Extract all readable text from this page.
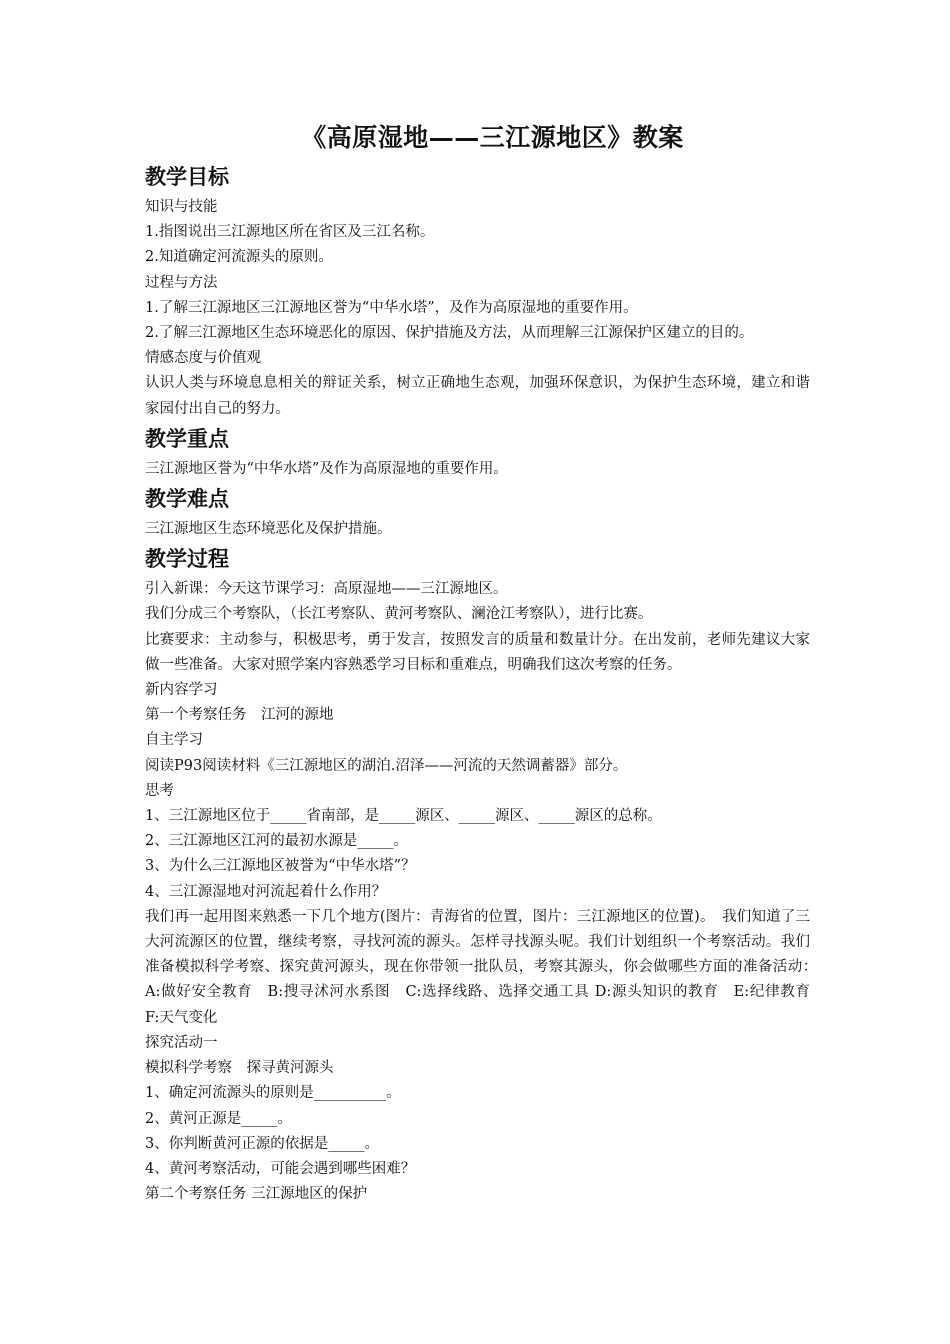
《高原湿地——三江源地区》教案
教学目标

知识与技能

1.指图说出三江源地区所在省区及三江名称。

2.知道确定河流源头的原则。

过程与方法

1.了解三江源地区三江源地区誉为“中华水塔”，及作为高原湿地的重要作用。

2.了解三江源地区生态环境恶化的原因、保护措施及方法，从而理解三江源保护区建立的目的。

情感态度与价值观

认识人类与环境息息相关的辩证关系，树立正确地生态观，加强环保意识，为保护生态环境，建立和谐家园付出自己的努力。

教学重点

三江源地区誉为“中华水塔”及作为高原湿地的重要作用。

教学难点

三江源地区生态环境恶化及保护措施。

教学过程

引入新课：今天这节课学习：高原湿地——三江源地区。

我们分成三个考察队，（长江考察队、黄河考察队、澜沧江考察队），进行比赛。

比赛要求：主动参与，积极思考，勇于发言，按照发言的质量和数量计分。在出发前，老师先建议大家做一些准备。大家对照学案内容熟悉学习目标和重难点，明确我们这次考察的任务。

新内容学习

第一个考察任务　江河的源地

自主学习

阅读P93阅读材料《三江源地区的湖泊.沼泽——河流的天然调蓄器》部分。

思考

1、三江源地区位于_____省南部，是_____源区、_____源区、_____源区的总称。

2、三江源地区江河的最初水源是_____。

3、为什么三江源地区被誉为“中华水塔”？

4、三江源湿地对河流起着什么作用？

我们再一起用图来熟悉一下几个地方(图片：青海省的位置，图片：三江源地区的位置)。　我们知道了三大河流源区的位置，继续考察，寻找河流的源头。怎样寻找源头呢。我们计划组织一个考察活动。我们准备模拟科学考察、探究黄河源头，现在你带领一批队员，考察其源头，你会做哪些方面的准备活动：　A:做好安全教育　B:搜寻沭河水系图　C:选择线路、选择交通工具 D:源头知识的教育　E:纪律教育　　F:天气变化

探究活动一

模拟科学考察　探寻黄河源头

1、确定河流源头的原则是__________。

2、黄河正源是_____。

3、你判断黄河正源的依据是_____。

4、黄河考察活动，可能会遇到哪些困难？

第二个考察任务 三江源地区的保护
